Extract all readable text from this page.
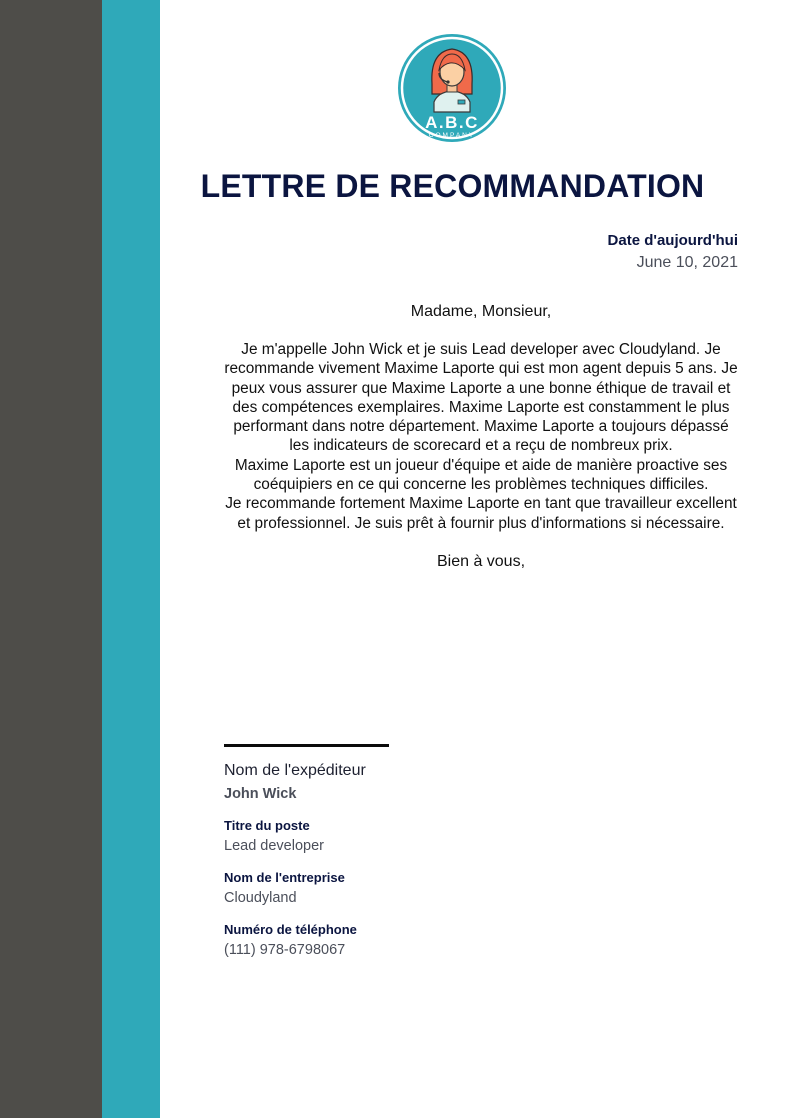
A.B.C
COMPANY
LETTRE DE RECOMMANDATION
Date d'aujourd'hui
June 10, 2021
Madame, Monsieur,

Je m'appelle John Wick et je suis Lead developer avec Cloudyland. Je recommande vivement Maxime Laporte qui est mon agent depuis 5 ans. Je peux vous assurer que Maxime Laporte a une bonne éthique de travail et des compétences exemplaires. Maxime Laporte est constamment le plus performant dans notre département. Maxime Laporte a toujours dépassé les indicateurs de scorecard et a reçu de nombreux prix.

Maxime Laporte est un joueur d'équipe et aide de manière proactive ses coéquipiers en ce qui concerne les problèmes techniques difficiles.

Je recommande fortement Maxime Laporte en tant que travailleur excellent et professionnel. Je suis prêt à fournir plus d'informations si nécessaire.

Bien à vous,
Nom de l'expéditeur
John Wick
Titre du poste
Lead developer
Nom de l'entreprise
Cloudyland
Numéro de téléphone
(111) 978-6798067
